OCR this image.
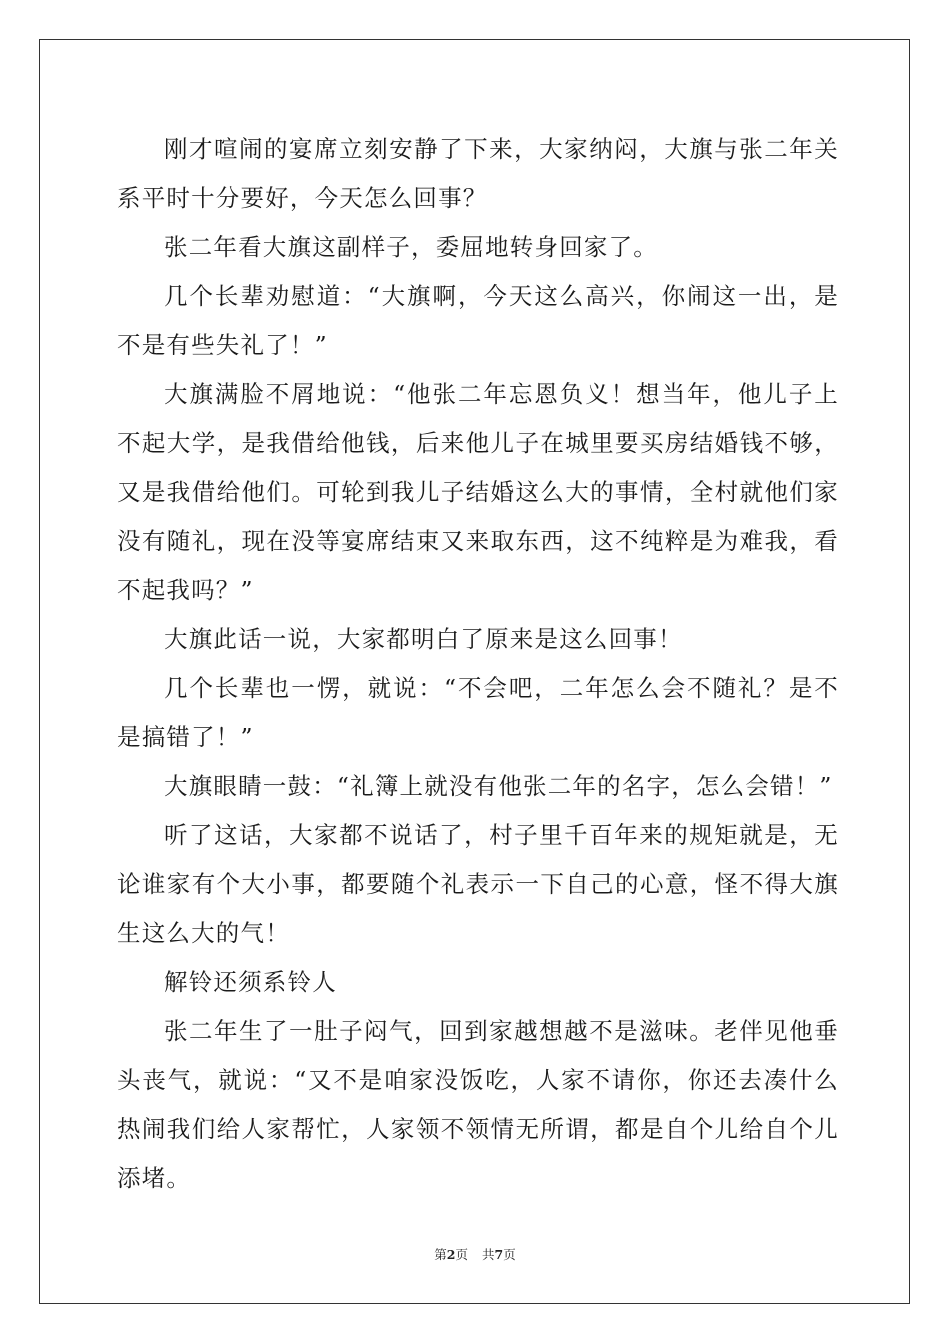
刚才喧闹的宴席立刻安静了下来，大家纳闷，大旗与张二年关系平时十分要好，今天怎么回事？

张二年看大旗这副样子，委屈地转身回家了。

几个长辈劝慰道：“大旗啊，今天这么高兴，你闹这一出，是不是有些失礼了！”

大旗满脸不屑地说：“他张二年忘恩负义！想当年，他儿子上不起大学，是我借给他钱，后来他儿子在城里要买房结婚钱不够，又是我借给他们。可轮到我儿子结婚这么大的事情，全村就他们家没有随礼，现在没等宴席结束又来取东西，这不纯粹是为难我，看不起我吗？”

大旗此话一说，大家都明白了原来是这么回事！

几个长辈也一愣，就说：“不会吧，二年怎么会不随礼？是不是搞错了！”

大旗眼睛一鼓：“礼簿上就没有他张二年的名字，怎么会错！”

听了这话，大家都不说话了，村子里千百年来的规矩就是，无论谁家有个大小事，都要随个礼表示一下自己的心意，怪不得大旗生这么大的气！

解铃还须系铃人

张二年生了一肚子闷气，回到家越想越不是滋味。老伴见他垂头丧气，就说：“又不是咱家没饭吃，人家不请你，你还去凑什么热闹我们给人家帮忙，人家领不领情无所谓，都是自个儿给自个儿添堵。

第2页 共7页
